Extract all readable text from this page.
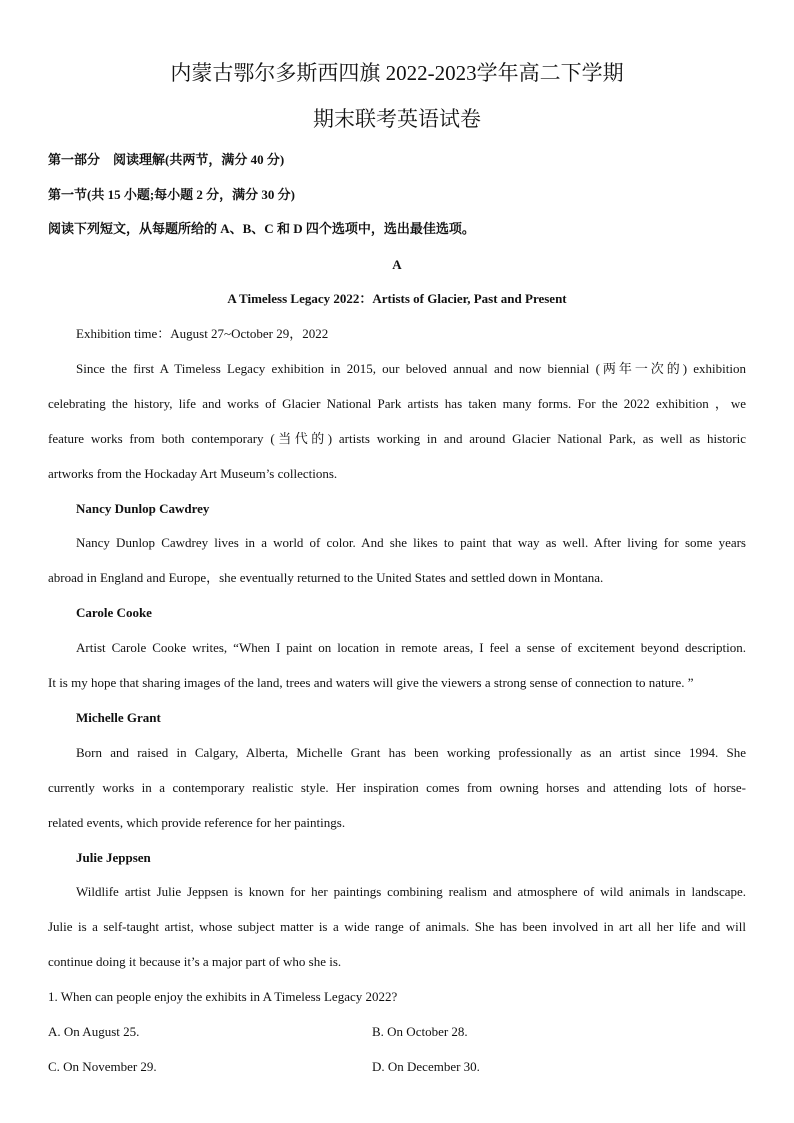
内蒙古鄂尔多斯西四旗 2022-2023学年高二下学期
期末联考英语试卷
第一部分　阅读理解(共两节，满分 40 分)
第一节(共 15 小题;每小题 2 分，满分 30 分)
阅读下列短文，从每题所给的 A、B、C 和 D 四个选项中，选出最佳选项。
A
A Timeless Legacy 2022：Artists of Glacier, Past and Present
Exhibition time：August 27~October 29，2022
Since the first A Timeless Legacy exhibition in 2015, our beloved annual and now biennial (两年一次的) exhibition
celebrating the history, life and works of Glacier National Park artists has taken many forms. For the 2022 exhibition ，we
feature works from both contemporary (当代的) artists working in and around Glacier National Park, as well as historic
artworks from the Hockaday Art Museum’s collections.
Nancy Dunlop Cawdrey
Nancy Dunlop Cawdrey lives in a world of color. And she likes to paint that way as well. After living for some years
abroad in England and Europe，she eventually returned to the United States and settled down in Montana.
Carole Cooke
Artist Carole Cooke writes, “When I paint on location in remote areas, I feel a sense of excitement beyond description.
It is my hope that sharing images of the land, trees and waters will give the viewers a strong sense of connection to nature. ”
Michelle Grant
Born and raised in Calgary, Alberta, Michelle Grant has been working professionally as an artist since 1994. She
currently works in a contemporary realistic style. Her inspiration comes from owning horses and attending lots of horse-
related events, which provide reference for her paintings.
Julie Jeppsen
Wildlife artist Julie Jeppsen is known for her paintings combining realism and atmosphere of wild animals in landscape.
Julie is a self-taught artist, whose subject matter is a wide range of animals. She has been involved in art all her life and will
continue doing it because it’s a major part of who she is.
1. When can people enjoy the exhibits in A Timeless Legacy 2022?
A. On August 25.	B. On October 28.
C. On November 29.	D. On December 30.
